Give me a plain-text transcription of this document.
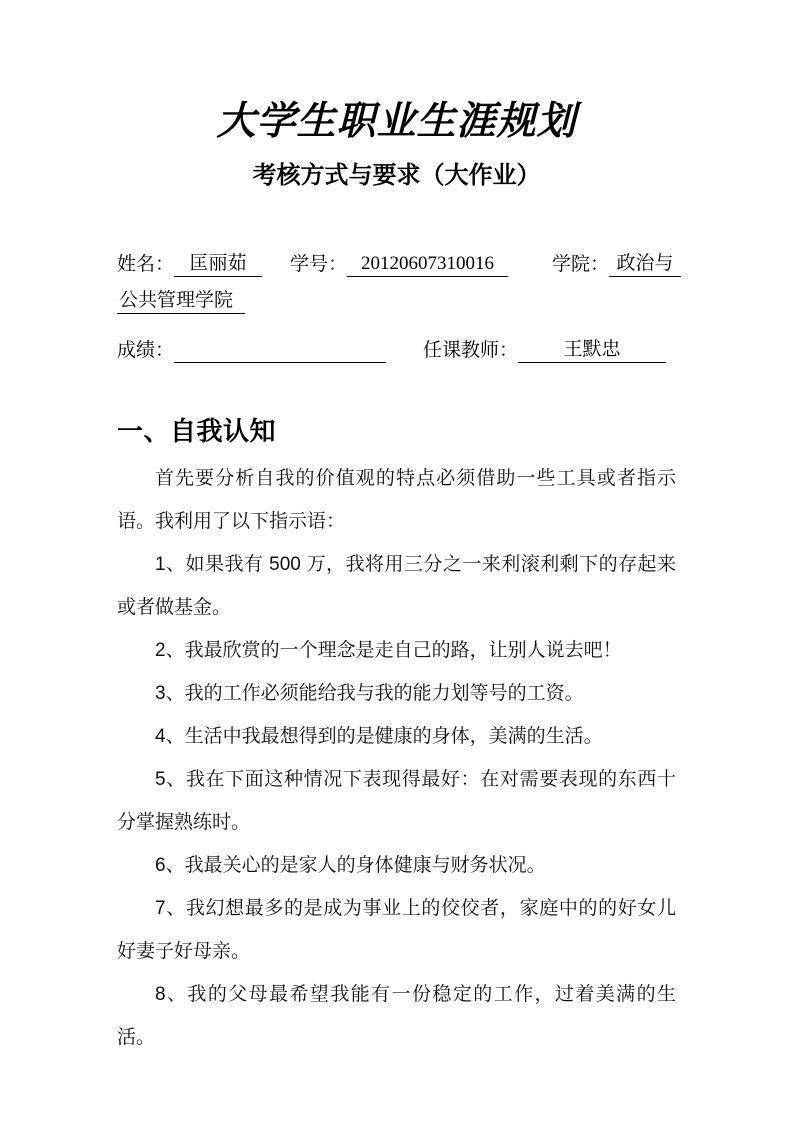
大学生职业生涯规划
考核方式与要求（大作业）
姓名： 匡丽茹 学号： 20120607310016	学院： 政治与
公共管理学院
成绩：	任课教师： 王默忠
一、自我认知

首先要分析自我的价值观的特点必须借助一些工具或者指示语。我利用了以下指示语：

1、如果我有 500 万，我将用三分之一来利滚利剩下的存起来或者做基金。

2、我最欣赏的一个理念是走自己的路，让别人说去吧！

3、我的工作必须能给我与我的能力划等号的工资。

4、生活中我最想得到的是健康的身体，美满的生活。

5、我在下面这种情况下表现得最好：在对需要表现的东西十分掌握熟练时。

6、我最关心的是家人的身体健康与财务状况。

7、我幻想最多的是成为事业上的佼佼者，家庭中的的好女儿好妻子好母亲。

8、我的父母最希望我能有一份稳定的工作，过着美满的生活。
